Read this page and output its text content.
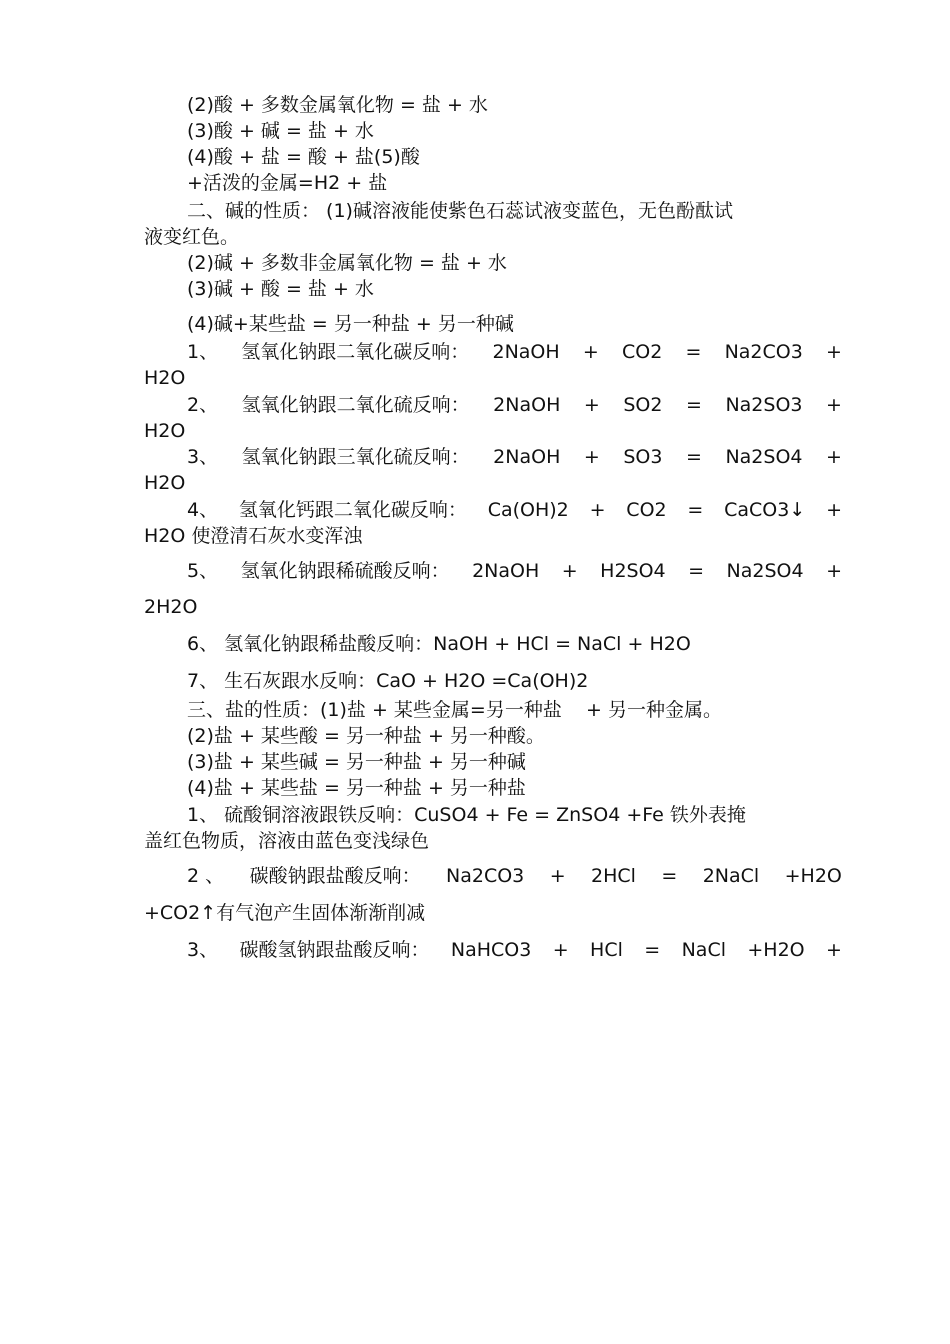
(2)酸 + 多数金属氧化物 = 盐 + 水
(3)酸 + 碱 = 盐 + 水
(4)酸 + 盐 = 酸 + 盐(5)酸
+活泼的金属=H2 + 盐
二、碱的性质： (1)碱溶液能使紫色石蕊试液变蓝色，无色酚酞试
液变红色。
(2)碱 + 多数非金属氧化物 = 盐 + 水
(3)碱 + 酸 = 盐 + 水
(4)碱+某些盐 = 另一种盐 + 另一种碱
1、 氢氧化钠跟二氧化碳反响： 2NaOH + CO2 = Na2CO3 +
H2O
2、 氢氧化钠跟二氧化硫反响： 2NaOH + SO2 = Na2SO3 +
H2O
3、 氢氧化钠跟三氧化硫反响： 2NaOH + SO3 = Na2SO4 +
H2O
4、 氢氧化钙跟二氧化碳反响： Ca(OH)2 + CO2 = CaCO3↓ +
H2O 使澄清石灰水变浑浊
5、 氢氧化钠跟稀硫酸反响： 2NaOH + H2SO4 = Na2SO4 +
2H2O
6、 氢氧化钠跟稀盐酸反响：NaOH + HCl = NaCl + H2O
7、 生石灰跟水反响：CaO + H2O =Ca(OH)2
三、盐的性质：(1)盐 + 某些金属=另一种盐    + 另一种金属。
(2)盐 + 某些酸 = 另一种盐 + 另一种酸。
(3)盐 + 某些碱 = 另一种盐 + 另一种碱
(4)盐 + 某些盐 = 另一种盐 + 另一种盐
1、 硫酸铜溶液跟铁反响：CuSO4 + Fe = ZnSO4 +Fe 铁外表掩
盖红色物质，溶液由蓝色变浅绿色
2 、 碳酸钠跟盐酸反响： Na2CO3 + 2HCl = 2NaCl +H2O
+CO2↑有气泡产生固体渐渐削减
3、 碳酸氢钠跟盐酸反响： NaHCO3 + HCl = NaCl +H2O +
